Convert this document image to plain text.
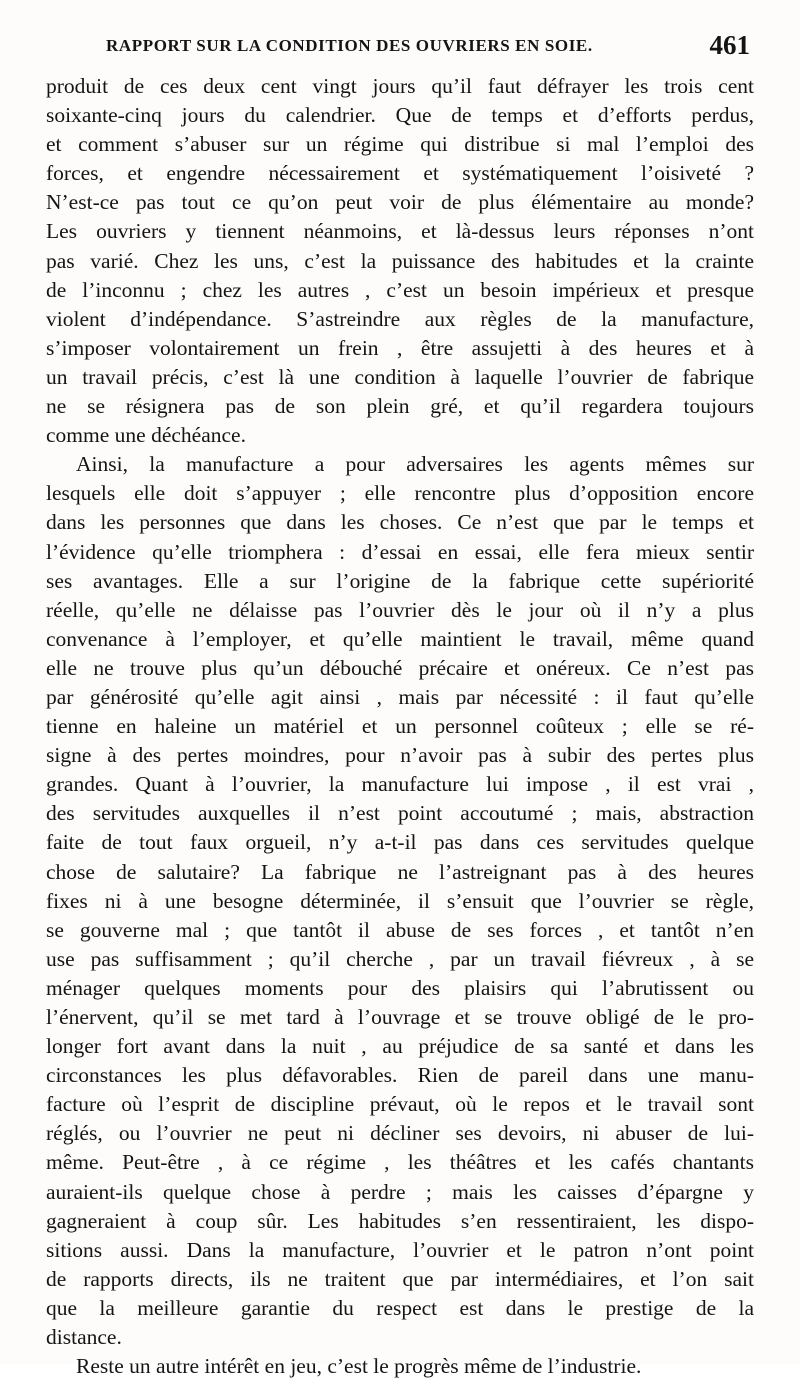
RAPPORT SUR LA CONDITION DES OUVRIERS EN SOIE.	461
produit de ces deux cent vingt jours qu’il faut défrayer les trois cent
soixante-cinq jours du calendrier. Que de temps et d’efforts perdus,
et comment s’abuser sur un régime qui distribue si mal l’emploi des
forces, et engendre nécessairement et systématiquement l’oisiveté ?
N’est-ce pas tout ce qu’on peut voir de plus élémentaire au monde?
Les ouvriers y tiennent néanmoins, et là-dessus leurs réponses n’ont
pas varié. Chez les uns, c’est la puissance des habitudes et la crainte
de l’inconnu ; chez les autres , c’est un besoin impérieux et presque
violent d’indépendance. S’astreindre aux règles de la manufacture,
s’imposer volontairement un frein , être assujetti à des heures et à
un travail précis, c’est là une condition à laquelle l’ouvrier de fabrique
ne se résignera pas de son plein gré, et qu’il regardera toujours
comme une déchéance.
Ainsi, la manufacture a pour adversaires les agents mêmes sur
lesquels elle doit s’appuyer ; elle rencontre plus d’opposition encore
dans les personnes que dans les choses. Ce n’est que par le temps et
l’évidence qu’elle triomphera : d’essai en essai, elle fera mieux sentir
ses avantages. Elle a sur l’origine de la fabrique cette supériorité
réelle, qu’elle ne délaisse pas l’ouvrier dès le jour où il n’y a plus
convenance à l’employer, et qu’elle maintient le travail, même quand
elle ne trouve plus qu’un débouché précaire et onéreux. Ce n’est pas
par générosité qu’elle agit ainsi , mais par nécessité : il faut qu’elle
tienne en haleine un matériel et un personnel coûteux ; elle se ré-
signe à des pertes moindres, pour n’avoir pas à subir des pertes plus
grandes. Quant à l’ouvrier, la manufacture lui impose , il est vrai ,
des servitudes auxquelles il n’est point accoutumé ; mais, abstraction
faite de tout faux orgueil, n’y a-t-il pas dans ces servitudes quelque
chose de salutaire? La fabrique ne l’astreignant pas à des heures
fixes ni à une besogne déterminée, il s’ensuit que l’ouvrier se règle,
se gouverne mal ; que tantôt il abuse de ses forces , et tantôt n’en
use pas suffisamment ; qu’il cherche , par un travail fiévreux , à se
ménager quelques moments pour des plaisirs qui l’abrutissent ou
l’énervent, qu’il se met tard à l’ouvrage et se trouve obligé de le pro-
longer fort avant dans la nuit , au préjudice de sa santé et dans les
circonstances les plus défavorables. Rien de pareil dans une manu-
facture où l’esprit de discipline prévaut, où le repos et le travail sont
réglés, ou l’ouvrier ne peut ni décliner ses devoirs, ni abuser de lui-
même. Peut-être , à ce régime , les théâtres et les cafés chantants
auraient-ils quelque chose à perdre ; mais les caisses d’épargne y
gagneraient à coup sûr. Les habitudes s’en ressentiraient, les dispo-
sitions aussi. Dans la manufacture, l’ouvrier et le patron n’ont point
de rapports directs, ils ne traitent que par intermédiaires, et l’on sait
que la meilleure garantie du respect est dans le prestige de la
distance.
Reste un autre intérêt en jeu, c’est le progrès même de l’industrie.
